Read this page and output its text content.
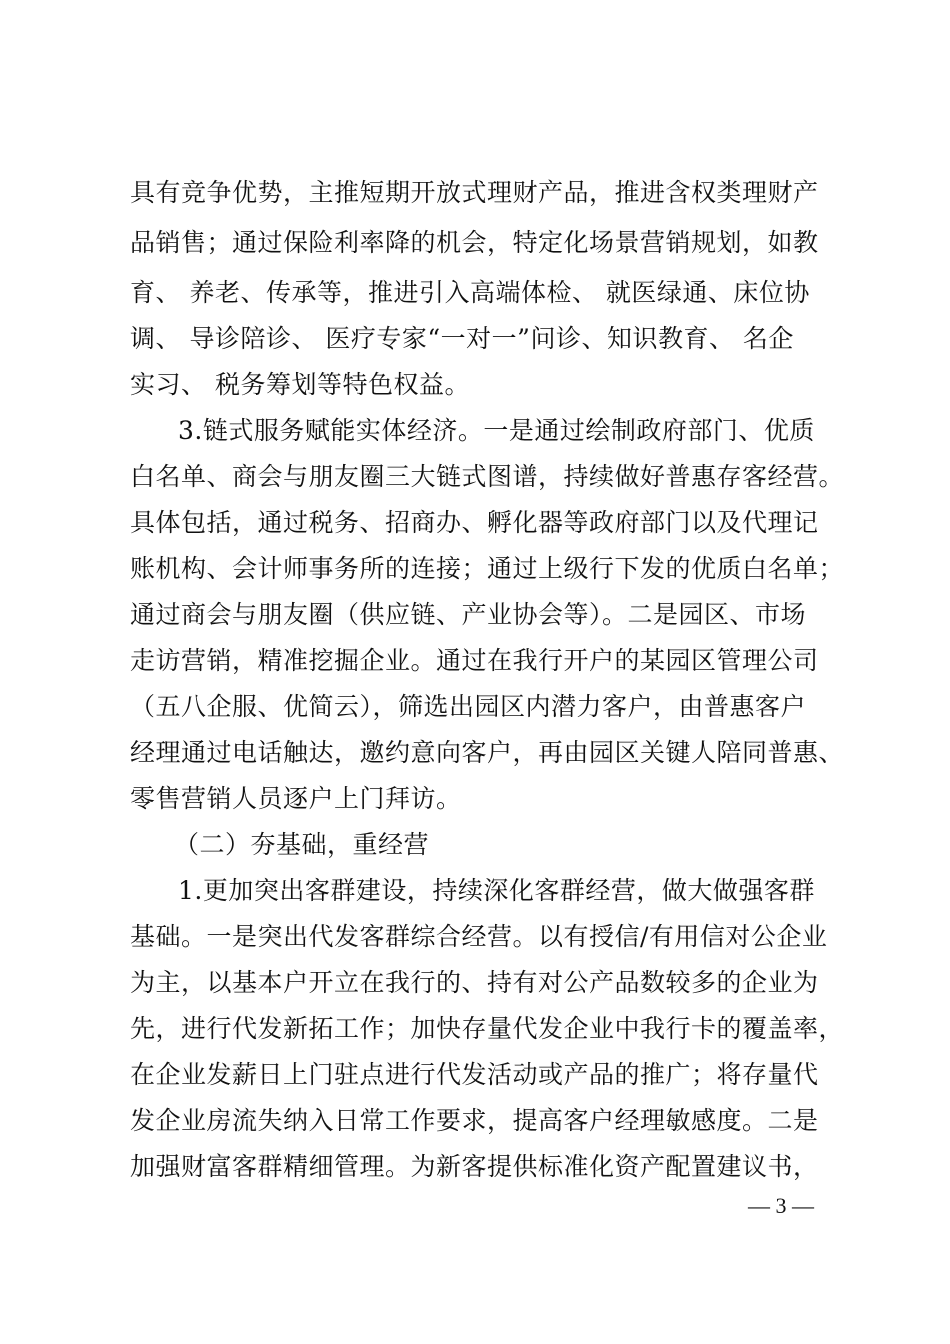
具有竞争优势，主推短期开放式理财产品，推进含权类理财产
品销售；通过保险利率降的机会，特定化场景营销规划，如教
育、 养老、传承等，推进引入高端体检、 就医绿通、床位协
调、 导诊陪诊、 医疗专家“一对一”问诊、知识教育、 名企
实习、 税务筹划等特色权益。
3.链式服务赋能实体经济。一是通过绘制政府部门、优质
白名单、商会与朋友圈三大链式图谱，持续做好普惠存客经营。
具体包括，通过税务、招商办、孵化器等政府部门以及代理记
账机构、会计师事务所的连接；通过上级行下发的优质白名单；
通过商会与朋友圈（供应链、产业协会等）。二是园区、市场
走访营销，精准挖掘企业。通过在我行开户的某园区管理公司
（五八企服、优简云），筛选出园区内潜力客户，由普惠客户
经理通过电话触达，邀约意向客户，再由园区关键人陪同普惠、
零售营销人员逐户上门拜访。
（二）夯基础，重经营
1.更加突出客群建设，持续深化客群经营，做大做强客群
基础。一是突出代发客群综合经营。以有授信/有用信对公企业
为主，以基本户开立在我行的、持有对公产品数较多的企业为
先，进行代发新拓工作；加快存量代发企业中我行卡的覆盖率，
在企业发薪日上门驻点进行代发活动或产品的推广；将存量代
发企业房流失纳入日常工作要求，提高客户经理敏感度。二是
加强财富客群精细管理。为新客提供标准化资产配置建议书，
— 3 —
